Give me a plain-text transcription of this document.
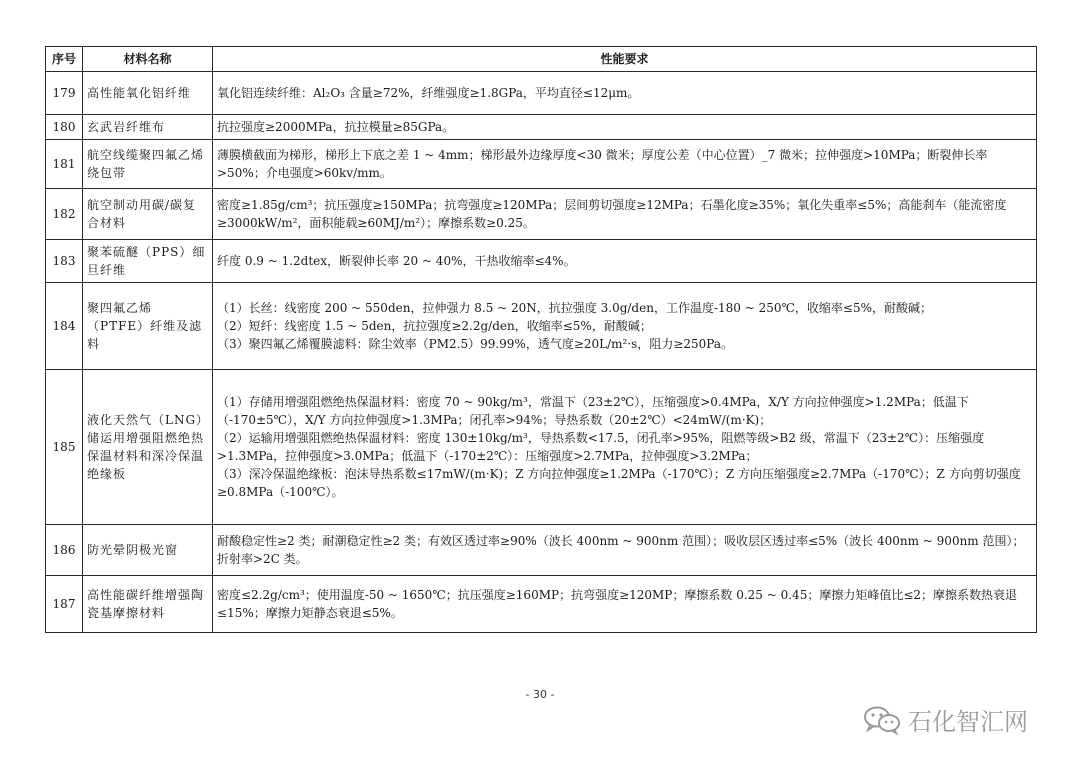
序号	材料名称	性能要求
179	高性能氧化铝纤维	氧化铝连续纤维：Al₂O₃ 含量≥72%，纤维强度≥1.8GPa，平均直径≤12μm。

180	玄武岩纤维布	抗拉强度≥2000MPa，抗拉模量≥85GPa。

181	航空线缆聚四氟乙烯绕包带	薄膜横截面为梯形，梯形上下底之差 1 ~ 4mm；梯形最外边缘厚度<30 微米；厚度公差（中心位置）_7 微米；拉伸强度>10MPa；断裂伸长率>50%；介电强度>60kv/mm。

182	航空制动用碳/碳复合材料	密度≥1.85g/cm³；抗压强度≥150MPa；抗弯强度≥120MPa；层间剪切强度≥12MPa；石墨化度≥35%；氧化失重率≤5%；高能刹车（能流密度≥3000kW/m²，面积能载≥60MJ/m²）；摩擦系数≥0.25。

183	聚苯硫醚（PPS）细旦纤维	纤度 0.9 ~ 1.2dtex，断裂伸长率 20 ~ 40%，干热收缩率≤4%。

184	聚四氟乙烯（PTFE）纤维及滤料	（1）长丝：线密度 200 ~ 550den，拉伸强力 8.5 ~ 20N，抗拉强度 3.0g/den，工作温度-180 ~ 250℃，收缩率≤5%，耐酸碱；
（2）短纤：线密度 1.5 ~ 5den，抗拉强度≥2.2g/den，收缩率≤5%，耐酸碱；
（3）聚四氟乙烯覆膜滤料：除尘效率（PM2.5）99.99%，透气度≥20L/m²·s，阻力≥250Pa。

185	液化天然气（LNG）储运用增强阻燃绝热保温材料和深冷保温绝缘板	（1）存储用增强阻燃绝热保温材料：密度 70 ~ 90kg/m³，常温下（23±2℃），压缩强度>0.4MPa，X/Y 方向拉伸强度>1.2MPa；低温下（-170±5℃），X/Y 方向拉伸强度>1.3MPa；闭孔率>94%；导热系数（20±2℃）<24mW/(m·K)；
（2）运输用增强阻燃绝热保温材料：密度 130±10kg/m³，导热系数<17.5，闭孔率>95%，阻燃等级>B2 级，常温下（23±2℃）：压缩强度>1.3MPa，拉伸强度>3.0MPa；低温下（-170±2℃）：压缩强度>2.7MPa，拉伸强度>3.2MPa；
（3）深冷保温绝缘板：泡沫导热系数≤17mW/(m·K)；Z 方向拉伸强度≥1.2MPa（-170℃）；Z 方向压缩强度≥2.7MPa（-170℃）；Z 方向剪切强度≥0.8MPa（-100℃）。

186	防光晕阴极光窗	耐酸稳定性≥2 类；耐潮稳定性≥2 类；有效区透过率≥90%（波长 400nm ~ 900nm 范围）；吸收层区透过率≤5%（波长 400nm ~ 900nm 范围）；折射率>2C 类。

187	高性能碳纤维增强陶瓷基摩擦材料	密度≤2.2g/cm³；使用温度-50 ~ 1650℃；抗压强度≥160MP；抗弯强度≥120MP；摩擦系数 0.25 ~ 0.45；摩擦力矩峰值比≤2；摩擦系数热衰退≤15%；摩擦力矩静态衰退≤5%。
- 30 -
石化智汇网
